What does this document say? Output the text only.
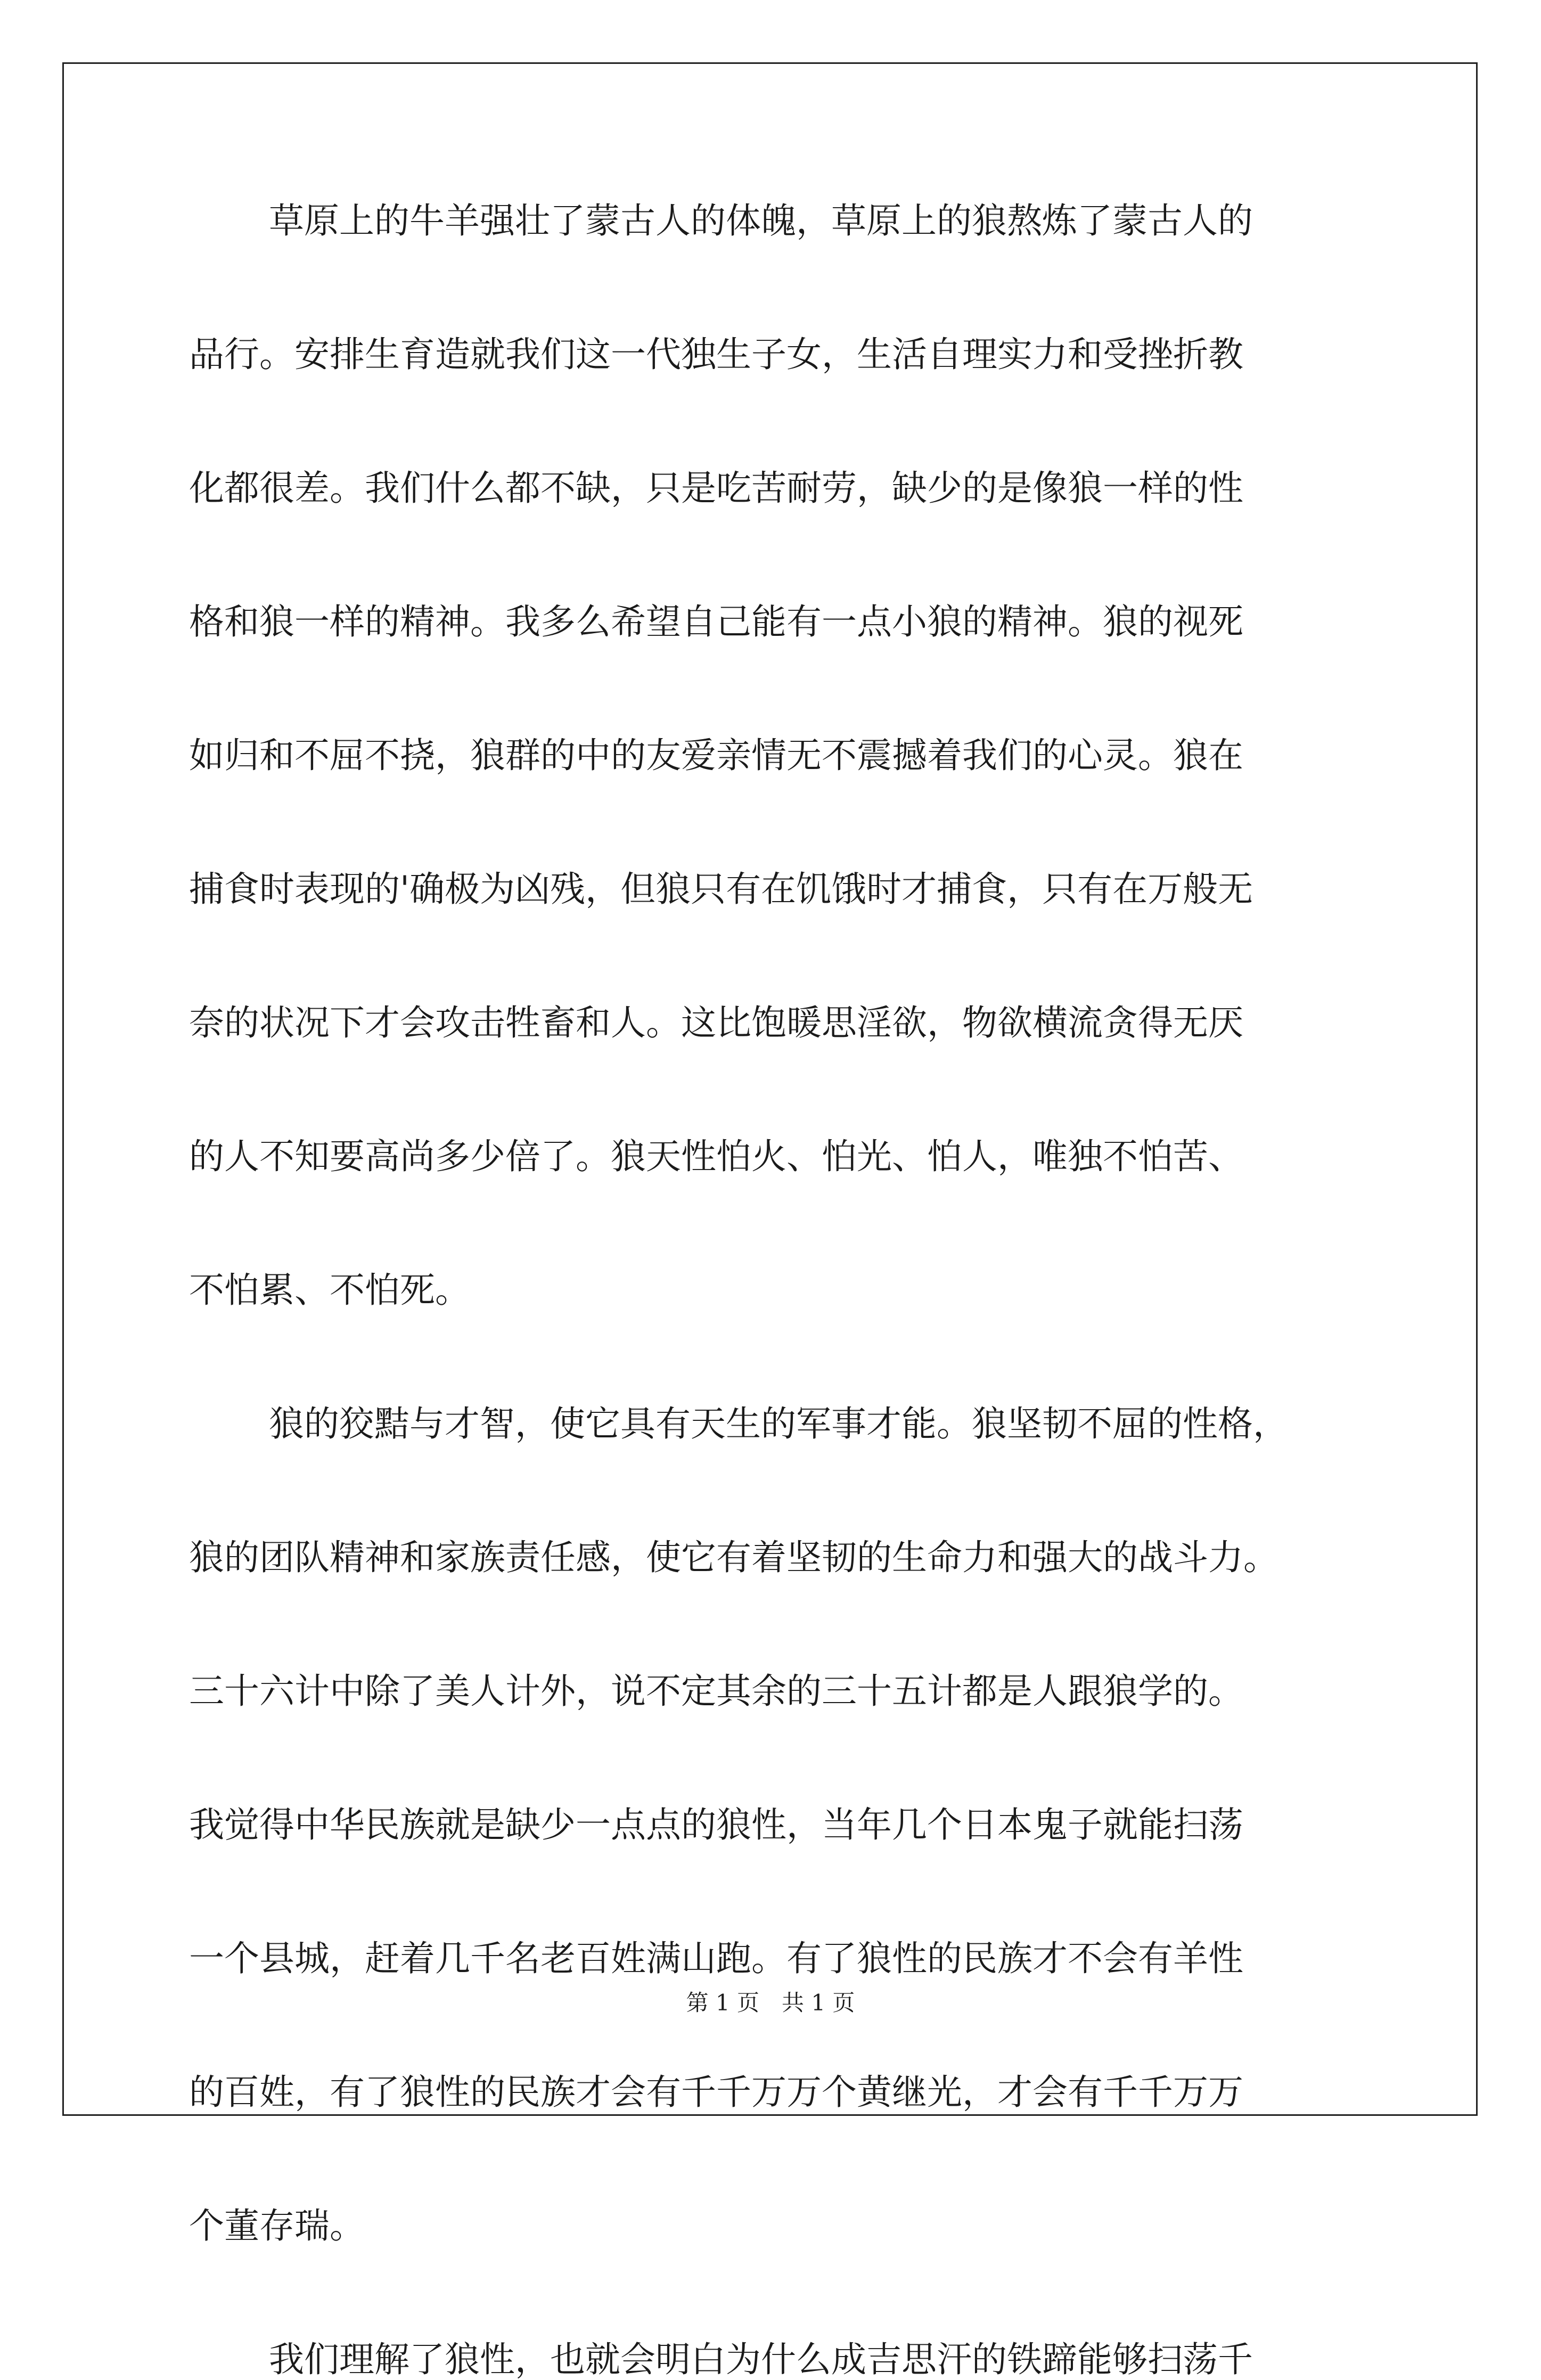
草原上的牛羊强壮了蒙古人的体魄，草原上的狼熬炼了蒙古人的
品行。安排生育造就我们这一代独生子女，生活自理实力和受挫折教
化都很差。我们什么都不缺，只是吃苦耐劳，缺少的是像狼一样的性
格和狼一样的精神。我多么希望自己能有一点小狼的精神。狼的视死
如归和不屈不挠，狼群的中的友爱亲情无不震撼着我们的心灵。狼在
捕食时表现的'确极为凶残，但狼只有在饥饿时才捕食，只有在万般无
奈的状况下才会攻击牲畜和人。这比饱暖思淫欲，物欲横流贪得无厌
的人不知要高尚多少倍了。狼天性怕火、怕光、怕人，唯独不怕苦、
不怕累、不怕死。
狼的狡黠与才智，使它具有天生的军事才能。狼坚韧不屈的性格，
狼的团队精神和家族责任感，使它有着坚韧的生命力和强大的战斗力。
三十六计中除了美人计外，说不定其余的三十五计都是人跟狼学的。
我觉得中华民族就是缺少一点点的狼性，当年几个日本鬼子就能扫荡
一个县城，赶着几千名老百姓满山跑。有了狼性的民族才不会有羊性
的百姓，有了狼性的民族才会有千千万万个黄继光，才会有千千万万
个董存瑞。
我们理解了狼性，也就会明白为什么成吉思汗的铁蹄能够扫荡千
第 1 页　共 1 页
